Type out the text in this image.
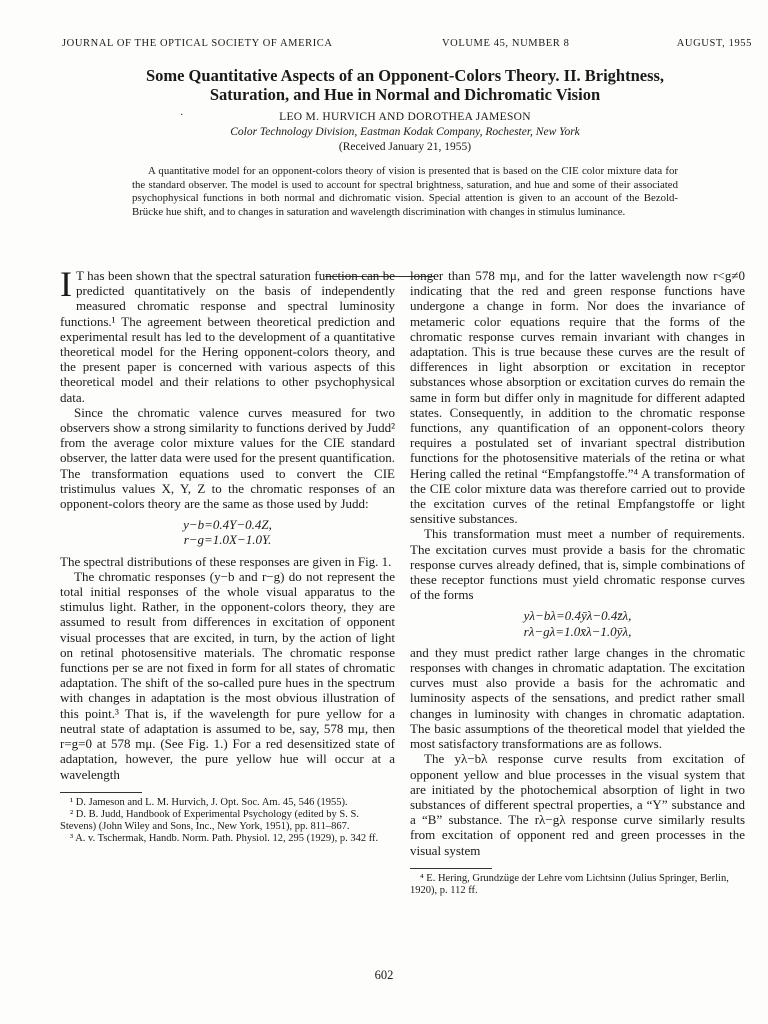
JOURNAL OF THE OPTICAL SOCIETY OF AMERICA	VOLUME 45, NUMBER 8	AUGUST, 1955
Some Quantitative Aspects of an Opponent-Colors Theory. II. Brightness,
Saturation, and Hue in Normal and Dichromatic Vision
·	LEO M. HURVICH AND DOROTHEA JAMESON
Color Technology Division, Eastman Kodak Company, Rochester, New York
(Received January 21, 1955)

A quantitative model for an opponent-colors theory of vision is presented that is based on the CIE color mixture data for the standard observer. The model is used to account for spectral brightness, saturation, and hue and some of their associated psychophysical functions in both normal and dichromatic vision. Special attention is given to an account of the Bezold-Brücke hue shift, and to changes in saturation and wavelength discrimination with changes in stimulus luminance.

I T has been shown that the spectral saturation function can be predicted quantitatively on the basis of independently measured chromatic response and spectral luminosity functions.¹ The agreement between theoretical prediction and experimental result has led to the development of a quantitative theoretical model for the Hering opponent-colors theory, and the present paper is concerned with various aspects of this theoretical model and their relations to other psychophysical data.

Since the chromatic valence curves measured for two observers show a strong similarity to functions derived by Judd² from the average color mixture values for the CIE standard observer, the latter data were used for the present quantification. The transformation equations used to convert the CIE tristimulus values X, Y, Z to the chromatic responses of an opponent-colors theory are the same as those used by Judd:

y−b=0.4Y−0.4Z,
r−g=1.0X−1.0Y.

The spectral distributions of these responses are given in Fig. 1.

The chromatic responses (y−b and r−g) do not represent the total initial responses of the whole visual apparatus to the stimulus light. Rather, in the opponent-colors theory, they are assumed to result from differences in excitation of opponent visual processes that are excited, in turn, by the action of light on retinal photosensitive materials. The chromatic response functions per se are not fixed in form for all states of chromatic adaptation. The shift of the so-called pure hues in the spectrum with changes in adaptation is the most obvious illustration of this point.³ That is, if the wavelength for pure yellow for a neutral state of adaptation is assumed to be, say, 578 mμ, then r=g=0 at 578 mμ. (See Fig. 1.) For a red desensitized state of adaptation, however, the pure yellow hue will occur at a wavelength

¹ D. Jameson and L. M. Hurvich, J. Opt. Soc. Am. 45, 546 (1955).

² D. B. Judd, Handbook of Experimental Psychology (edited by S. S. Stevens) (John Wiley and Sons, Inc., New York, 1951), pp. 811–867.

³ A. v. Tschermak, Handb. Norm. Path. Physiol. 12, 295 (1929), p. 342 ff.

longer than 578 mμ, and for the latter wavelength now r<g≠0 indicating that the red and green response functions have undergone a change in form. Nor does the invariance of metameric color equations require that the forms of the chromatic response curves remain invariant with changes in adaptation. This is true because these curves are the result of differences in light absorption or excitation in receptor substances whose absorption or excitation curves do remain the same in form but differ only in magnitude for different adapted states. Consequently, in addition to the chromatic response functions, any quantification of an opponent-colors theory requires a postulated set of invariant spectral distribution functions for the photosensitive materials of the retina or what Hering called the retinal “Empfangstoffe.”⁴ A transformation of the CIE color mixture data was therefore carried out to provide the excitation curves of the retinal Empfangstoffe or light sensitive substances.

This transformation must meet a number of requirements. The excitation curves must provide a basis for the chromatic response curves already defined, that is, simple combinations of these receptor functions must yield chromatic response curves of the forms

yλ−bλ=0.4ȳλ−0.4z̄λ,
rλ−gλ=1.0x̄λ−1.0ȳλ,

and they must predict rather large changes in the chromatic responses with changes in chromatic adaptation. The excitation curves must also provide a basis for the achromatic and luminosity aspects of the sensations, and predict rather small changes in luminosity with changes in chromatic adaptation. The basic assumptions of the theoretical model that yielded the most satisfactory transformations are as follows.

The yλ−bλ response curve results from excitation of opponent yellow and blue processes in the visual system that are initiated by the photochemical absorption of light in two substances of different spectral properties, a “Y” substance and a “B” substance. The rλ−gλ response curve similarly results from excitation of opponent red and green processes in the visual system

⁴ E. Hering, Grundzüge der Lehre vom Lichtsinn (Julius Springer, Berlin, 1920), p. 112 ff.

602
